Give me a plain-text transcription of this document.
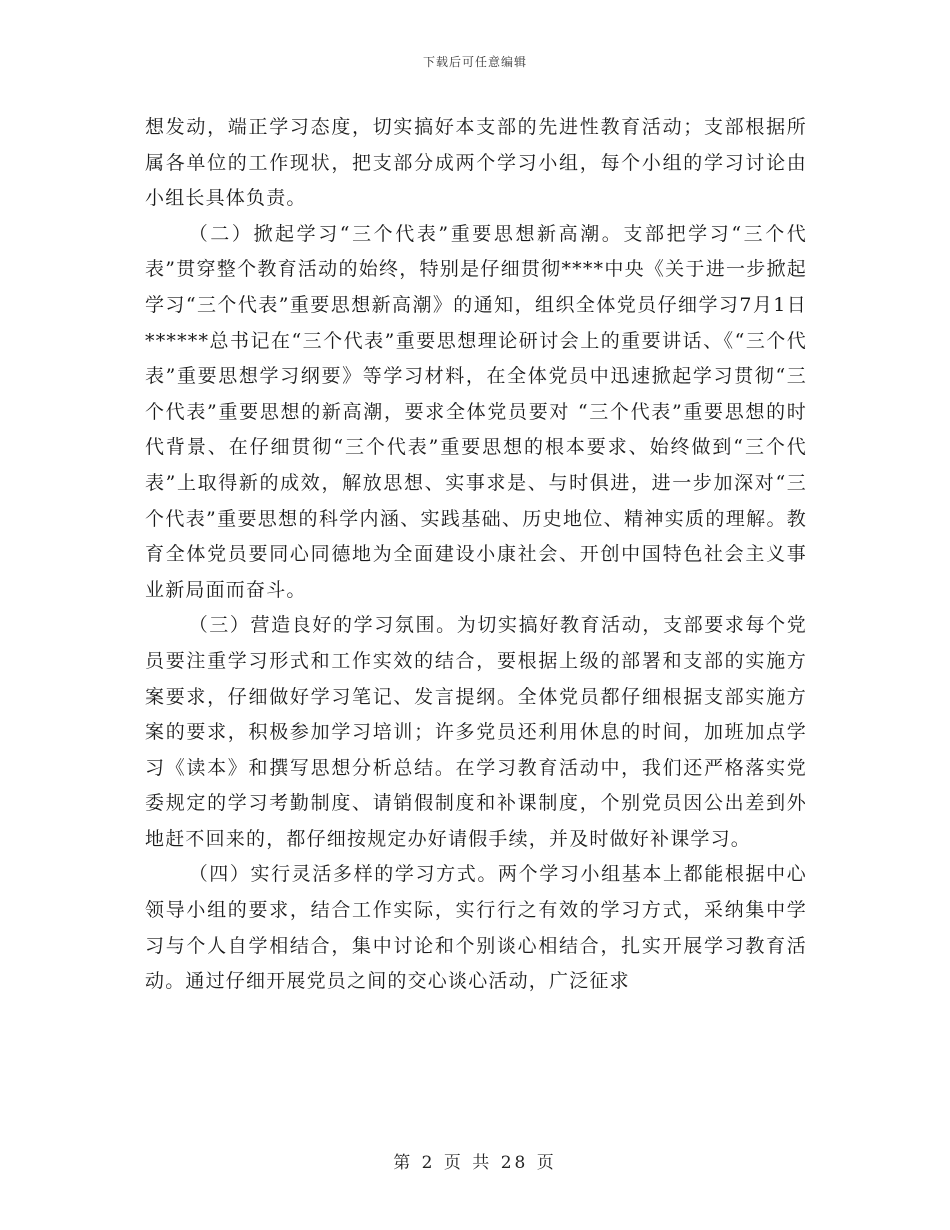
下载后可任意编辑

想发动，端正学习态度，切实搞好本支部的先进性教育活动；支部根据所属各单位的工作现状，把支部分成两个学习小组，每个小组的学习讨论由小组长具体负责。

（二）掀起学习“三个代表”重要思想新高潮。支部把学习“三个代表”贯穿整个教育活动的始终，特别是仔细贯彻****中央《关于进一步掀起学习“三个代表”重要思想新高潮》的通知，组织全体党员仔细学习7月1日******总书记在“三个代表”重要思想理论研讨会上的重要讲话、《“三个代表”重要思想学习纲要》等学习材料，在全体党员中迅速掀起学习贯彻“三个代表”重要思想的新高潮，要求全体党员要对 “三个代表”重要思想的时代背景、在仔细贯彻“三个代表”重要思想的根本要求、始终做到“三个代表”上取得新的成效，解放思想、实事求是、与时俱进，进一步加深对“三个代表”重要思想的科学内涵、实践基础、历史地位、精神实质的理解。教育全体党员要同心同德地为全面建设小康社会、开创中国特色社会主义事业新局面而奋斗。

（三）营造良好的学习氛围。为切实搞好教育活动，支部要求每个党员要注重学习形式和工作实效的结合，要根据上级的部署和支部的实施方案要求，仔细做好学习笔记、发言提纲。全体党员都仔细根据支部实施方案的要求，积极参加学习培训；许多党员还利用休息的时间，加班加点学习《读本》和撰写思想分析总结。在学习教育活动中，我们还严格落实党委规定的学习考勤制度、请销假制度和补课制度，个别党员因公出差到外地赶不回来的，都仔细按规定办好请假手续，并及时做好补课学习。

（四）实行灵活多样的学习方式。两个学习小组基本上都能根据中心领导小组的要求，结合工作实际，实行行之有效的学习方式，采纳集中学习与个人自学相结合，集中讨论和个别谈心相结合，扎实开展学习教育活动。通过仔细开展党员之间的交心谈心活动，广泛征求

第 2 页 共 28 页
